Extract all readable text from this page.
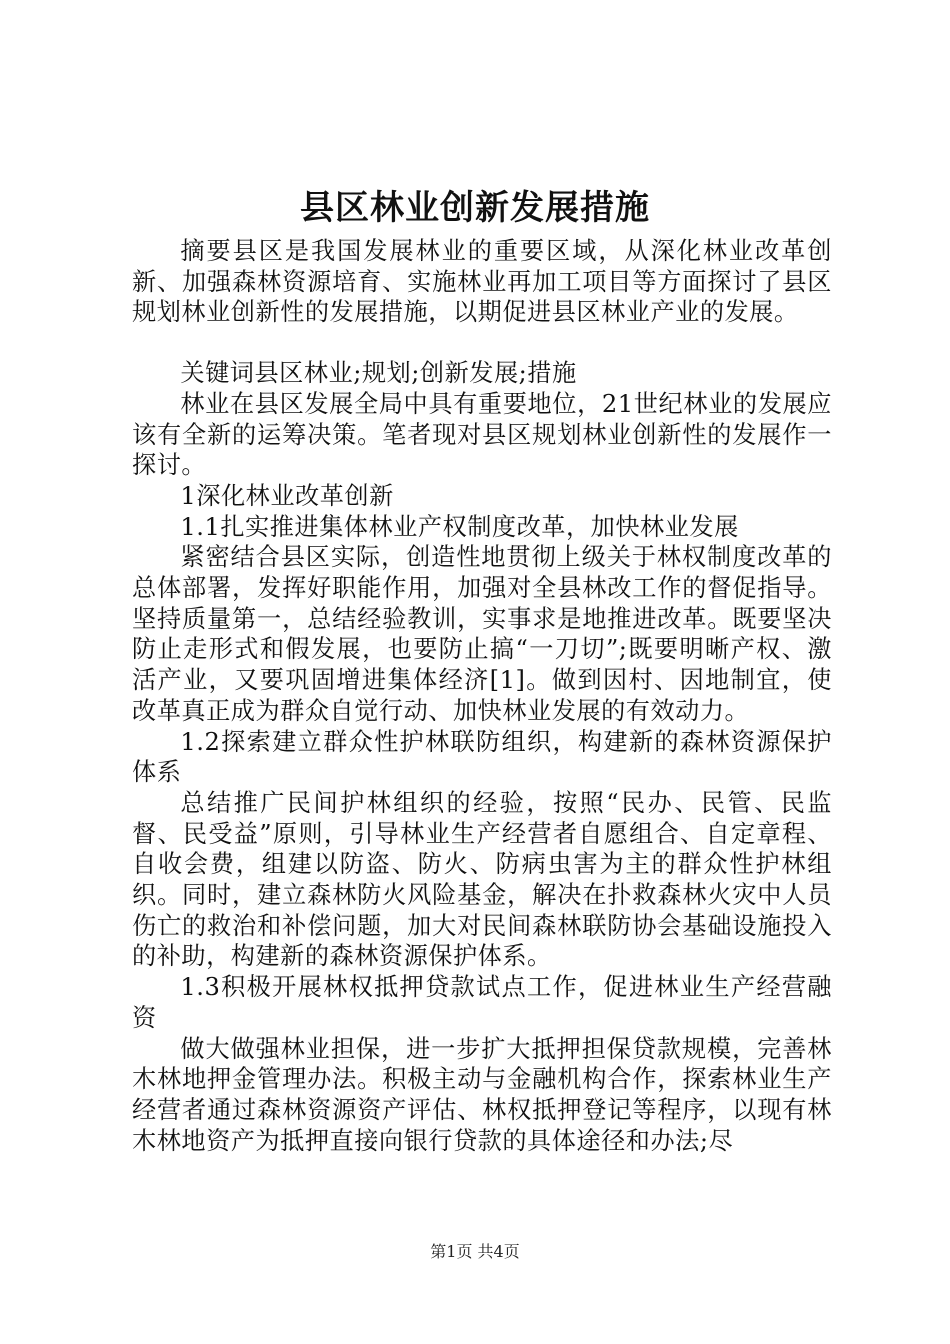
县区林业创新发展措施

摘要县区是我国发展林业的重要区域，从深化林业改革创新、加强森林资源培育、实施林业再加工项目等方面探讨了县区规划林业创新性的发展措施，以期促进县区林业产业的发展。

关键词县区林业;规划;创新发展;措施

林业在县区发展全局中具有重要地位，21世纪林业的发展应该有全新的运筹决策。笔者现对县区规划林业创新性的发展作一探讨。

1深化林业改革创新

1.1扎实推进集体林业产权制度改革，加快林业发展

紧密结合县区实际，创造性地贯彻上级关于林权制度改革的总体部署，发挥好职能作用，加强对全县林改工作的督促指导。坚持质量第一，总结经验教训，实事求是地推进改革。既要坚决防止走形式和假发展，也要防止搞“一刀切”;既要明晰产权、激活产业，又要巩固增进集体经济[1]。做到因村、因地制宜，使改革真正成为群众自觉行动、加快林业发展的有效动力。

1.2探索建立群众性护林联防组织，构建新的森林资源保护体系

总结推广民间护林组织的经验，按照“民办、民管、民监督、民受益”原则，引导林业生产经营者自愿组合、自定章程、自收会费，组建以防盗、防火、防病虫害为主的群众性护林组织。同时，建立森林防火风险基金，解决在扑救森林火灾中人员伤亡的救治和补偿问题，加大对民间森林联防协会基础设施投入的补助，构建新的森林资源保护体系。

1.3积极开展林权抵押贷款试点工作，促进林业生产经营融资

做大做强林业担保，进一步扩大抵押担保贷款规模，完善林木林地押金管理办法。积极主动与金融机构合作，探索林业生产经营者通过森林资源资产评估、林权抵押登记等程序，以现有林木林地资产为抵押直接向银行贷款的具体途径和办法;尽

第1页 共4页
